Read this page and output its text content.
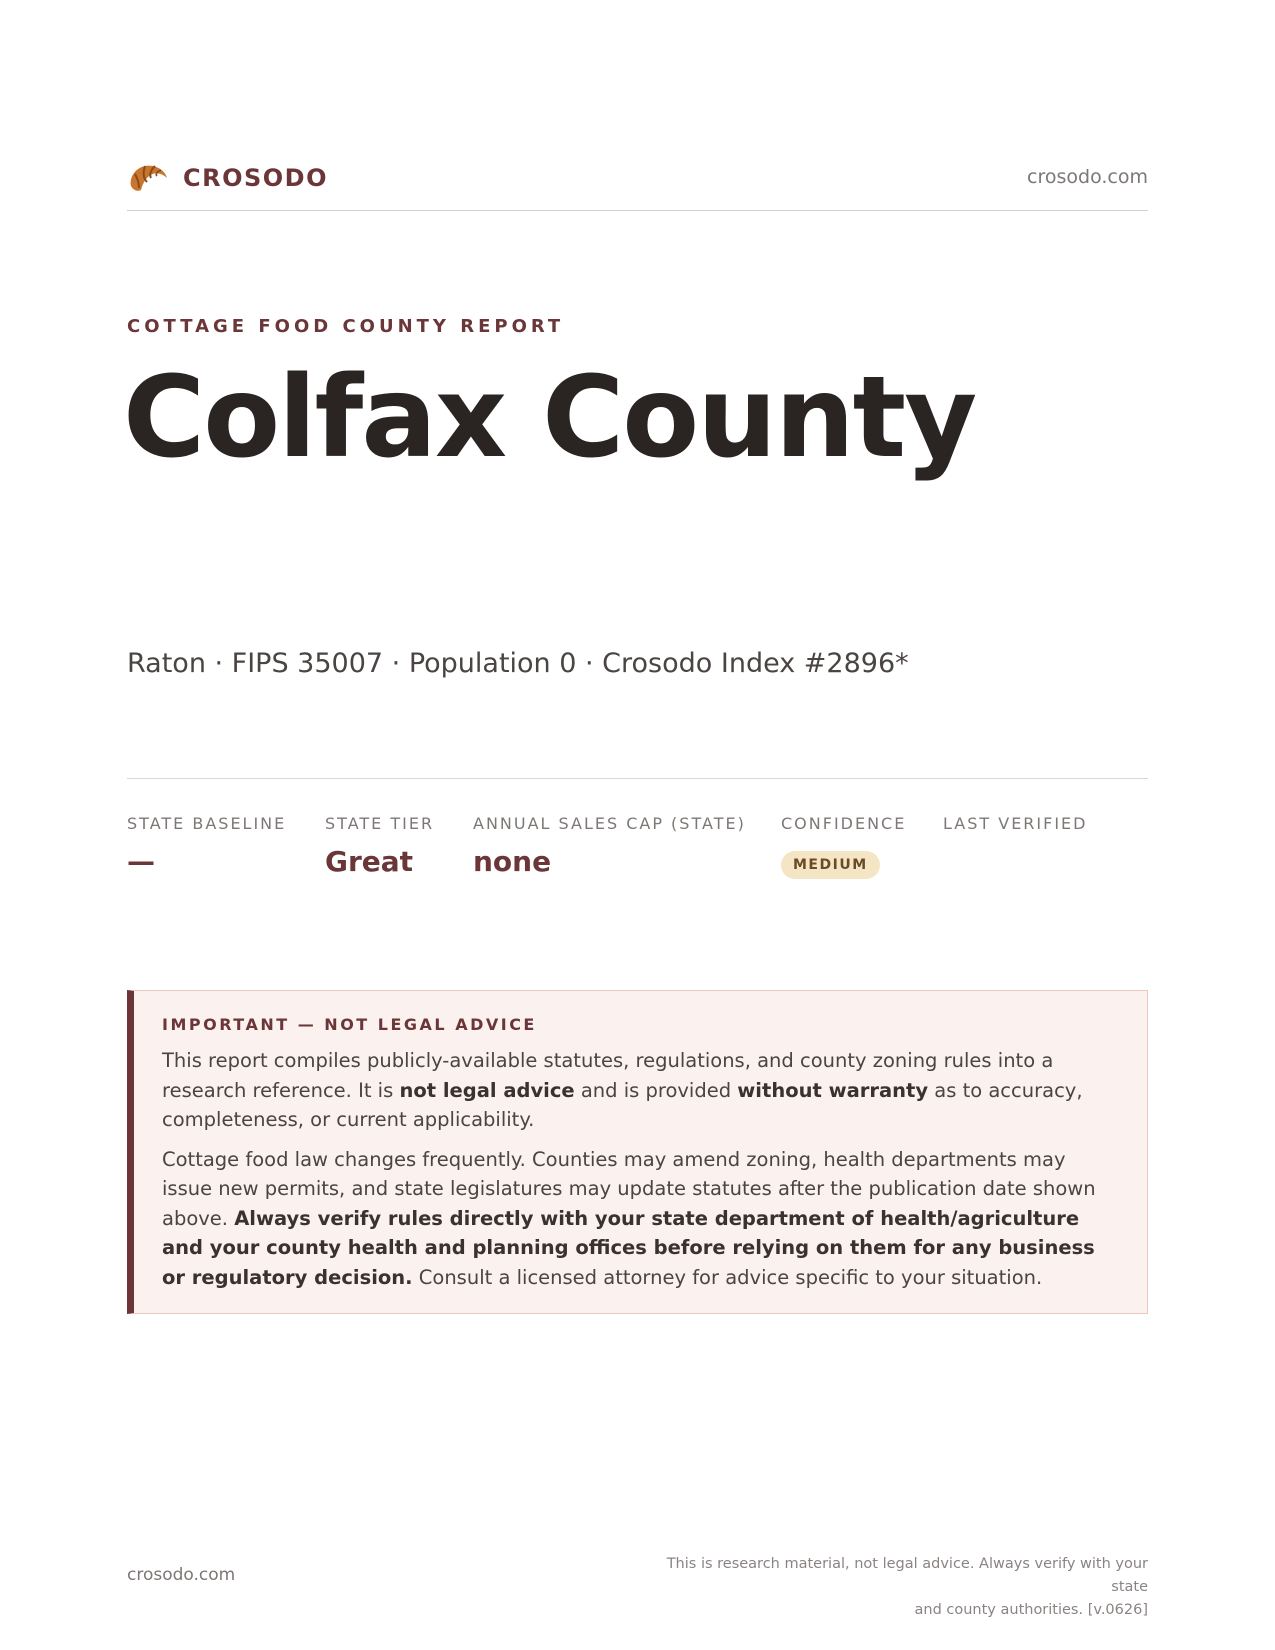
CROSODO	crosodo.com
COTTAGE FOOD COUNTY REPORT
Colfax County
Raton · FIPS 35007 · Population 0 · Crosodo Index #2896*
STATE BASELINE
—
STATE TIER
Great
ANNUAL SALES CAP (STATE)
none
CONFIDENCE
MEDIUM
LAST VERIFIED
IMPORTANT — NOT LEGAL ADVICE

This report compiles publicly-available statutes, regulations, and county zoning rules into a research reference. It is not legal advice and is provided without warranty as to accuracy, completeness, or current applicability.

Cottage food law changes frequently. Counties may amend zoning, health departments may issue new permits, and state legislatures may update statutes after the publication date shown above. Always verify rules directly with your state department of health/agriculture and your county health and planning offices before relying on them for any business or regulatory decision. Consult a licensed attorney for advice specific to your situation.

crosodo.com
This is research material, not legal advice. Always verify with your state
and county authorities. [v.0626]
